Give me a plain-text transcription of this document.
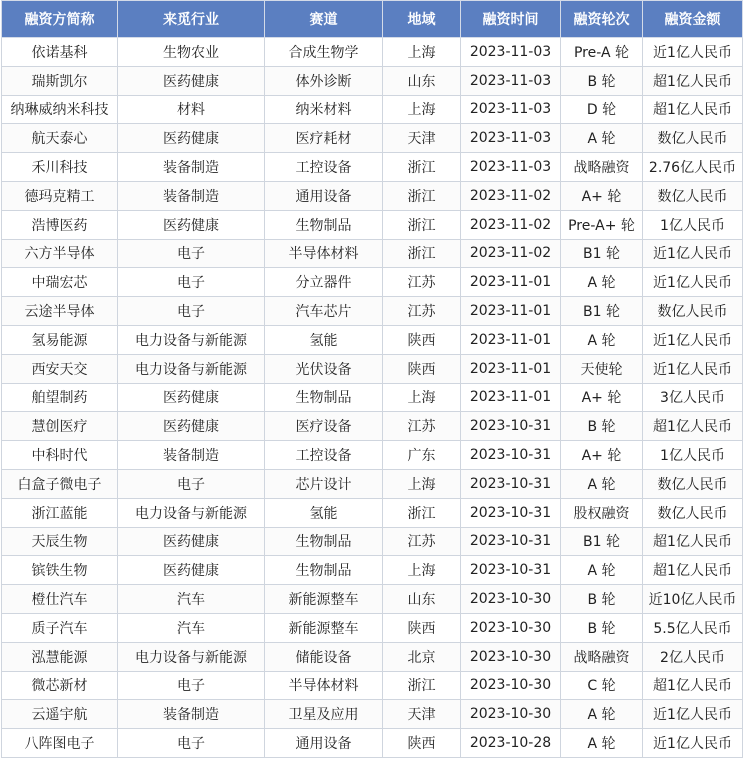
融资方简称	来觅行业	赛道	地域	融资时间	融资轮次	融资金额
依诺基科	生物农业	合成生物学	上海	2023-11-03	Pre-A 轮	近1亿人民币
瑞斯凯尔	医药健康	体外诊断	山东	2023-11-03	B 轮	超1亿人民币
纳琳威纳米科技	材料	纳米材料	上海	2023-11-03	D 轮	超1亿人民币
航天泰心	医药健康	医疗耗材	天津	2023-11-03	A 轮	数亿人民币
禾川科技	装备制造	工控设备	浙江	2023-11-03	战略融资	2.76亿人民币
德玛克精工	装备制造	通用设备	浙江	2023-11-02	A+ 轮	数亿人民币
浩博医药	医药健康	生物制品	浙江	2023-11-02	Pre-A+ 轮	1亿人民币
六方半导体	电子	半导体材料	浙江	2023-11-02	B1 轮	近1亿人民币
中瑞宏芯	电子	分立器件	江苏	2023-11-01	A 轮	近1亿人民币
云途半导体	电子	汽车芯片	江苏	2023-11-01	B1 轮	数亿人民币
氢易能源	电力设备与新能源	氢能	陕西	2023-11-01	A 轮	近1亿人民币
西安天交	电力设备与新能源	光伏设备	陕西	2023-11-01	天使轮	近1亿人民币
舶望制药	医药健康	生物制品	上海	2023-11-01	A+ 轮	3亿人民币
慧创医疗	医药健康	医疗设备	江苏	2023-10-31	B 轮	超1亿人民币
中科时代	装备制造	工控设备	广东	2023-10-31	A+ 轮	1亿人民币
白盒子微电子	电子	芯片设计	上海	2023-10-31	A 轮	数亿人民币
浙江蓝能	电力设备与新能源	氢能	浙江	2023-10-31	股权融资	数亿人民币
天辰生物	医药健康	生物制品	江苏	2023-10-31	B1 轮	超1亿人民币
镔铁生物	医药健康	生物制品	上海	2023-10-31	A 轮	超1亿人民币
橙仕汽车	汽车	新能源整车	山东	2023-10-30	B 轮	近10亿人民币
质子汽车	汽车	新能源整车	陕西	2023-10-30	B 轮	5.5亿人民币
泓慧能源	电力设备与新能源	储能设备	北京	2023-10-30	战略融资	2亿人民币
微芯新材	电子	半导体材料	浙江	2023-10-30	C 轮	超1亿人民币
云遥宇航	装备制造	卫星及应用	天津	2023-10-30	A 轮	近1亿人民币
八阵图电子	电子	通用设备	陕西	2023-10-28	A 轮	近1亿人民币
